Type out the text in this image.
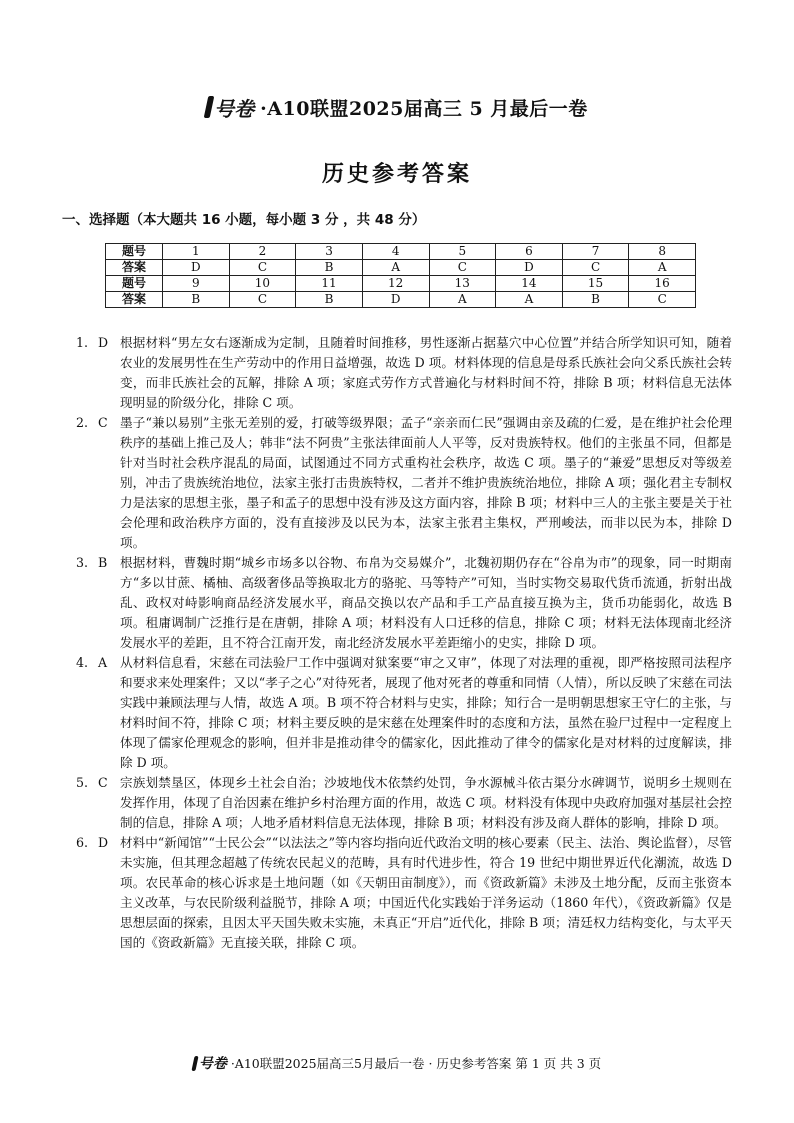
号卷 ·A10联盟2025届高三 5 月最后一卷
历史参考答案
一、选择题（本大题共 16 小题，每小题 3 分 ，共 48 分）
题号	1	2	3	4	5	6	7	8
答案	D	C	B	A	C	D	C	A
题号	9	10	11	12	13	14	15	16
答案	B	C	B	D	A	A	B	C
1. D 根据材料“男左女右逐渐成为定制，且随着时间推移，男性逐渐占据墓穴中心位置”并结合所学知识可知，随着农业的发展男性在生产劳动中的作用日益增强，故选 D 项。材料体现的信息是母系氏族社会向父系氏族社会转变，而非氏族社会的瓦解，排除 A 项；家庭式劳作方式普遍化与材料时间不符，排除 B 项；材料信息无法体现明显的阶级分化，排除 C 项。
2. C 墨子“兼以易别”主张无差别的爱，打破等级界限；孟子“亲亲而仁民”强调由亲及疏的仁爱，是在维护社会伦理秩序的基础上推己及人；韩非“法不阿贵”主张法律面前人人平等，反对贵族特权。他们的主张虽不同，但都是针对当时社会秩序混乱的局面，试图通过不同方式重构社会秩序，故选 C 项。墨子的“兼爱”思想反对等级差别，冲击了贵族统治地位，法家主张打击贵族特权，二者并不维护贵族统治地位，排除 A 项；强化君主专制权力是法家的思想主张，墨子和孟子的思想中没有涉及这方面内容，排除 B 项；材料中三人的主张主要是关于社会伦理和政治秩序方面的，没有直接涉及以民为本，法家主张君主集权，严刑峻法，而非以民为本，排除 D 项。
3. B 根据材料，曹魏时期“城乡市场多以谷物、布帛为交易媒介”，北魏初期仍存在“谷帛为市”的现象，同一时期南方“多以甘蔗、橘柚、高级奢侈品等换取北方的骆驼、马等特产”可知，当时实物交易取代货币流通，折射出战乱、政权对峙影响商品经济发展水平，商品交换以农产品和手工产品直接互换为主，货币功能弱化，故选 B 项。租庸调制广泛推行是在唐朝，排除 A 项；材料没有人口迁移的信息，排除 C 项；材料无法体现南北经济发展水平的差距，且不符合江南开发，南北经济发展水平差距缩小的史实，排除 D 项。
4. A 从材料信息看，宋慈在司法验尸工作中强调对狱案要“审之又审”，体现了对法理的重视，即严格按照司法程序和要求来处理案件；又以“孝子之心”对待死者，展现了他对死者的尊重和同情（人情），所以反映了宋慈在司法实践中兼顾法理与人情，故选 A 项。B 项不符合材料与史实，排除；知行合一是明朝思想家王守仁的主张，与材料时间不符，排除 C 项；材料主要反映的是宋慈在处理案件时的态度和方法，虽然在验尸过程中一定程度上体现了儒家伦理观念的影响，但并非是推动律令的儒家化，因此推动了律令的儒家化是对材料的过度解读，排除 D 项。
5. C 宗族划禁垦区，体现乡土社会自治；沙坡地伐木依禁约处罚，争水源械斗依古渠分水碑调节，说明乡土规则在发挥作用，体现了自治因素在维护乡村治理方面的作用，故选 C 项。材料没有体现中央政府加强对基层社会控制的信息，排除 A 项；人地矛盾材料信息无法体现，排除 B 项；材料没有涉及商人群体的影响，排除 D 项。
6. D 材料中“新闻馆”“士民公会”“以法法之”等内容均指向近代政治文明的核心要素（民主、法治、舆论监督），尽管未实施，但其理念超越了传统农民起义的范畴，具有时代进步性，符合 19 世纪中期世界近代化潮流，故选 D 项。农民革命的核心诉求是土地问题（如《天朝田亩制度》），而《资政新篇》未涉及土地分配，反而主张资本主义改革，与农民阶级利益脱节，排除 A 项；中国近代化实践始于洋务运动（1860 年代），《资政新篇》仅是思想层面的探索，且因太平天国失败未实施，未真正“开启”近代化，排除 B 项；清廷权力结构变化，与太平天国的《资政新篇》无直接关联，排除 C 项。
号卷 ·A10联盟2025届高三5月最后一卷 · 历史参考答案 第 1 页 共 3 页
